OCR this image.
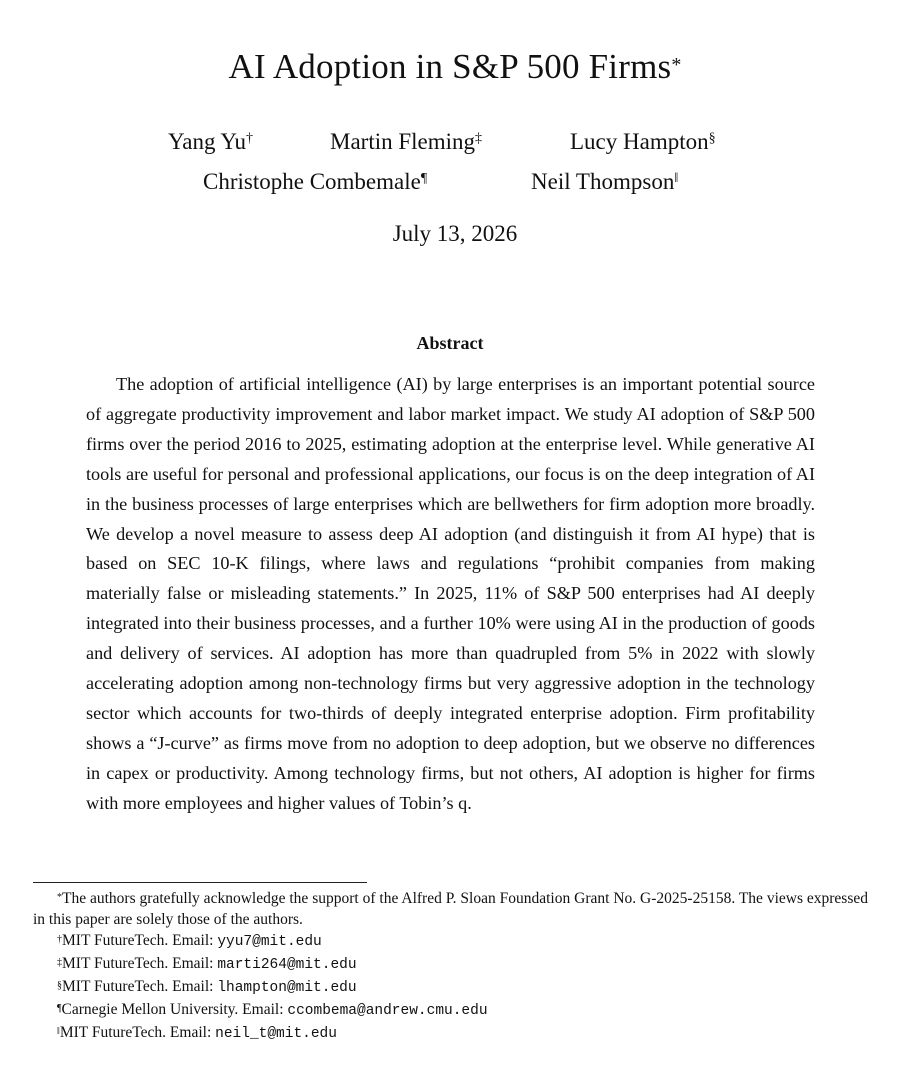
AI Adoption in S&P 500 Firms*
Yang Yu†	Martin Fleming‡	Lucy Hampton§
Christophe Combemale¶	Neil Thompson‖
July 13, 2026
Abstract

The adoption of artificial intelligence (AI) by large enterprises is an important potential source of aggregate productivity improvement and labor market impact. We study AI adoption of S&P 500 firms over the period 2016 to 2025, estimating adoption at the enterprise level. While generative AI tools are useful for personal and professional applications, our focus is on the deep integration of AI in the business processes of large enterprises which are bellwethers for firm adoption more broadly. We develop a novel measure to assess deep AI adoption (and distinguish it from AI hype) that is based on SEC 10-K filings, where laws and regulations “prohibit companies from making materially false or misleading statements.” In 2025, 11% of S&P 500 enterprises had AI deeply integrated into their business processes, and a further 10% were using AI in the production of goods and delivery of services. AI adoption has more than quadrupled from 5% in 2022 with slowly accelerating adoption among non-technology firms but very aggressive adoption in the technology sector which accounts for two-thirds of deeply integrated enterprise adoption. Firm profitability shows a “J-curve” as firms move from no adoption to deep adoption, but we observe no differences in capex or productivity. Among technology firms, but not others, AI adoption is higher for firms with more employees and higher values of Tobin’s q.

*The authors gratefully acknowledge the support of the Alfred P. Sloan Foundation Grant No. G-2025-25158. The views expressed in this paper are solely those of the authors.

†MIT FutureTech. Email: yyu7@mit.edu

‡MIT FutureTech. Email: marti264@mit.edu

§MIT FutureTech. Email: lhampton@mit.edu

¶Carnegie Mellon University. Email: ccombema@andrew.cmu.edu

‖MIT FutureTech. Email: neil_t@mit.edu
